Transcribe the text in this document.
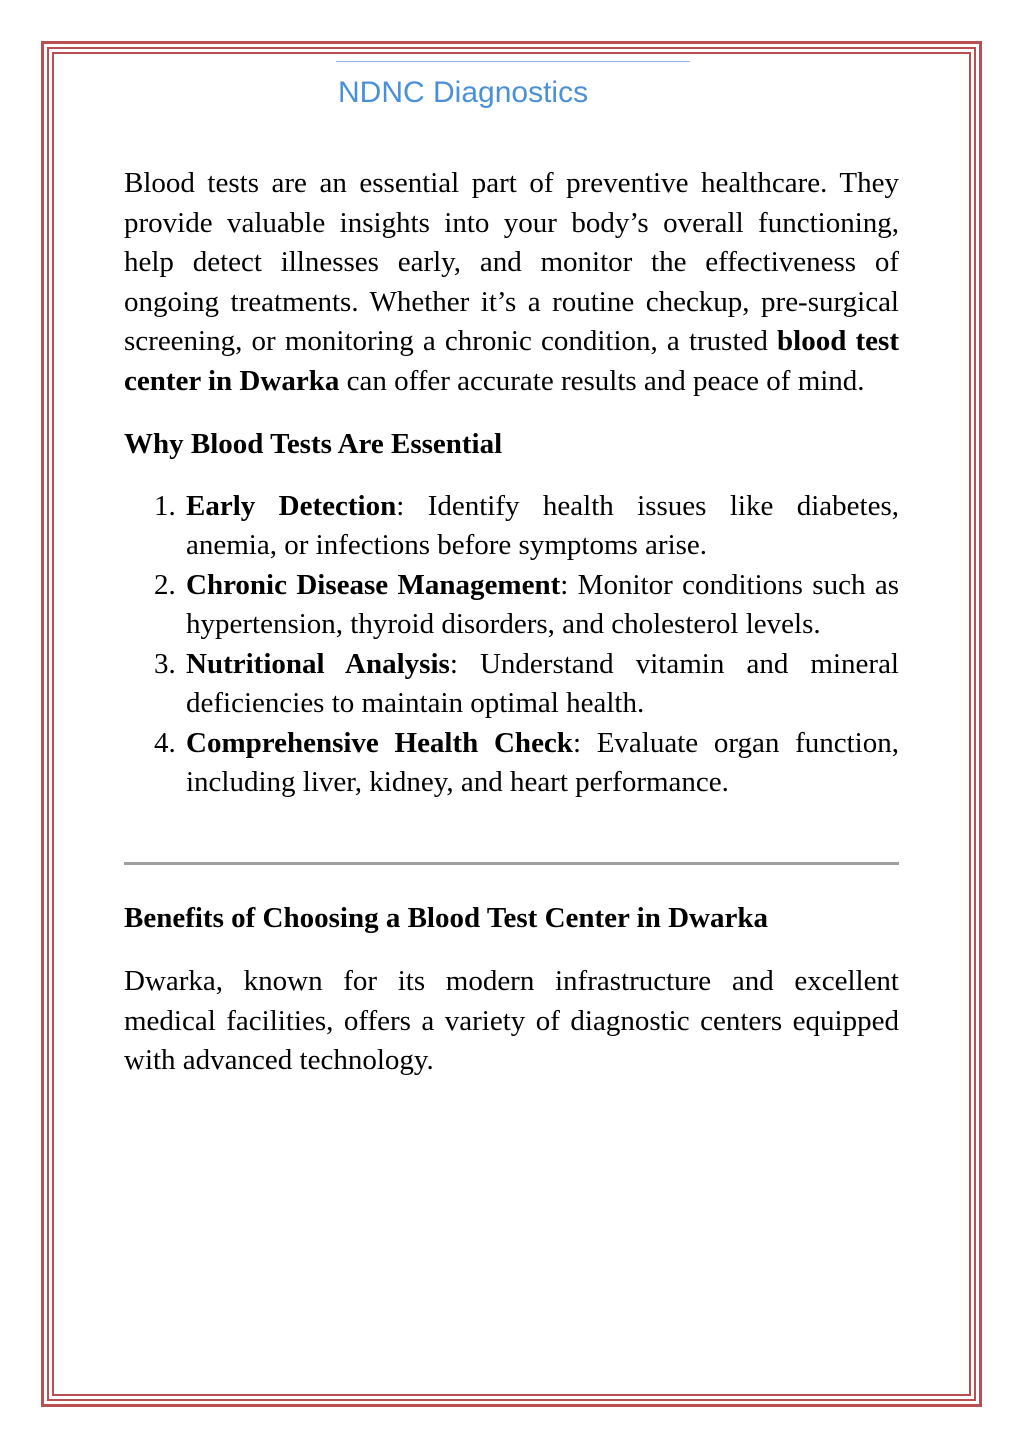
NDNC Diagnostics

Blood tests are an essential part of preventive healthcare. They provide valuable insights into your body’s overall functioning, help detect illnesses early, and monitor the effectiveness of ongoing treatments. Whether it’s a routine checkup, pre-surgical screening, or monitoring a chronic condition, a trusted blood test center in Dwarka can offer accurate results and peace of mind.

Why Blood Tests Are Essential
1. Early Detection: Identify health issues like diabetes, anemia, or infections before symptoms arise.
2. Chronic Disease Management: Monitor conditions such as hypertension, thyroid disorders, and cholesterol levels.
3. Nutritional Analysis: Understand vitamin and mineral deficiencies to maintain optimal health.
4. Comprehensive Health Check: Evaluate organ function, including liver, kidney, and heart performance.
Benefits of Choosing a Blood Test Center in Dwarka

Dwarka, known for its modern infrastructure and excellent medical facilities, offers a variety of diagnostic centers equipped with advanced technology.
